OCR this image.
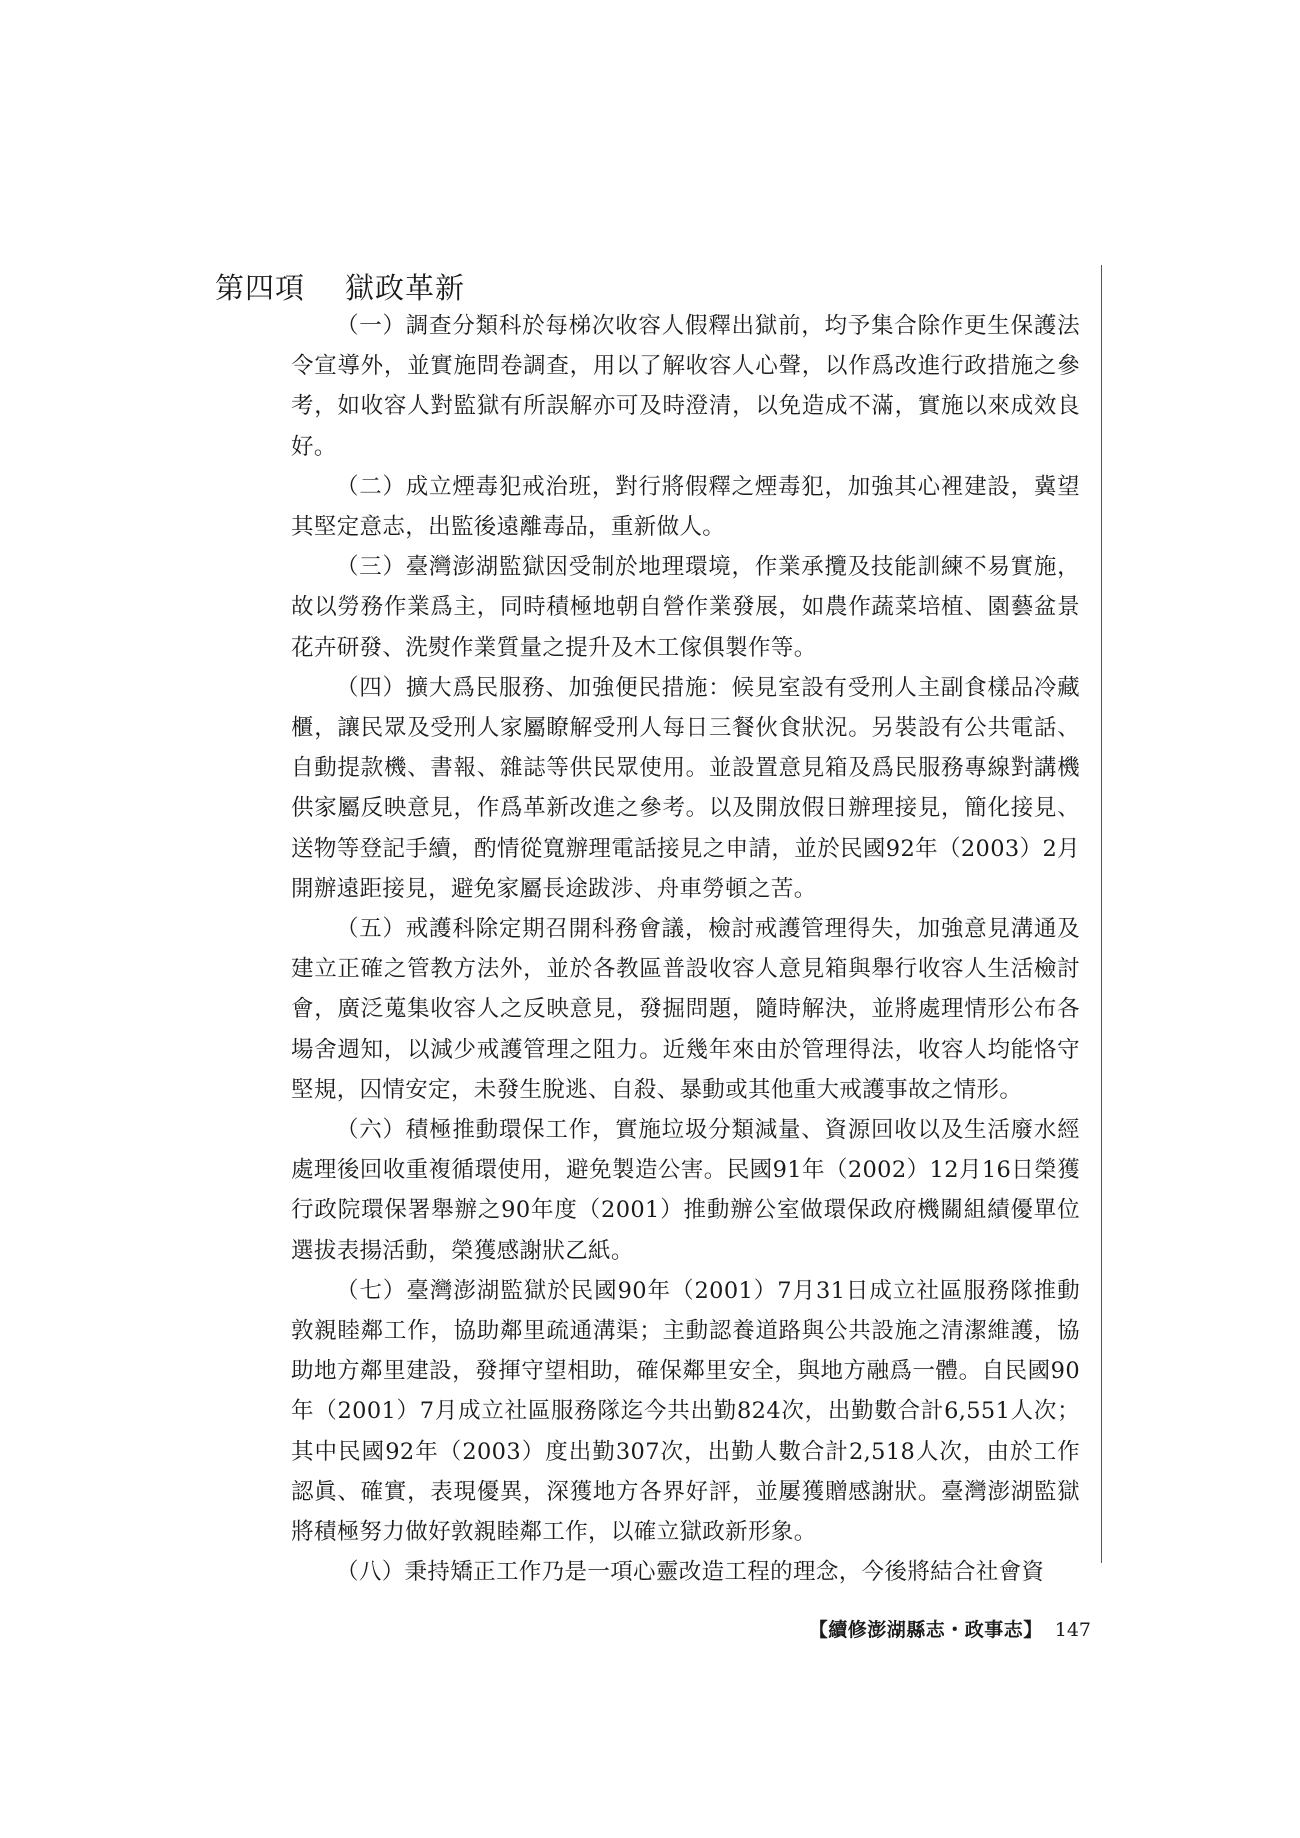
第四項 獄政革新

（一）調查分類科於每梯次收容人假釋出獄前，均予集合除作更生保護法令宣導外，並實施問卷調查，用以了解收容人心聲，以作爲改進行政措施之參考，如收容人對監獄有所誤解亦可及時澄清，以免造成不滿，實施以來成效良好。

（二）成立煙毒犯戒治班，對行將假釋之煙毒犯，加強其心裡建設，冀望其堅定意志，出監後遠離毒品，重新做人。

（三）臺灣澎湖監獄因受制於地理環境，作業承攬及技能訓練不易實施，故以勞務作業爲主，同時積極地朝自營作業發展，如農作蔬菜培植、園藝盆景花卉研發、洗熨作業質量之提升及木工傢俱製作等。

（四）擴大爲民服務、加強便民措施：候見室設有受刑人主副食樣品冷藏櫃，讓民眾及受刑人家屬瞭解受刑人每日三餐伙食狀況。另裝設有公共電話、自動提款機、書報、雜誌等供民眾使用。並設置意見箱及爲民服務專線對講機供家屬反映意見，作爲革新改進之參考。以及開放假日辦理接見，簡化接見、送物等登記手續，酌情從寬辦理電話接見之申請，並於民國92年（2003）2月開辦遠距接見，避免家屬長途跋涉、舟車勞頓之苦。

（五）戒護科除定期召開科務會議，檢討戒護管理得失，加強意見溝通及建立正確之管教方法外，並於各教區普設收容人意見箱與舉行收容人生活檢討會，廣泛蒐集收容人之反映意見，發掘問題，隨時解決，並將處理情形公布各場舍週知，以減少戒護管理之阻力。近幾年來由於管理得法，收容人均能恪守堅規，囚情安定，未發生脫逃、自殺、暴動或其他重大戒護事故之情形。

（六）積極推動環保工作，實施垃圾分類減量、資源回收以及生活廢水經處理後回收重複循環使用，避免製造公害。民國91年（2002）12月16日榮獲行政院環保署舉辦之90年度（2001）推動辦公室做環保政府機關組績優單位選拔表揚活動，榮獲感謝狀乙紙。

（七）臺灣澎湖監獄於民國90年（2001）7月31日成立社區服務隊推動敦親睦鄰工作，協助鄰里疏通溝渠；主動認養道路與公共設施之清潔維護，協助地方鄰里建設，發揮守望相助，確保鄰里安全，與地方融爲一體。自民國90年（2001）7月成立社區服務隊迄今共出勤824次，出勤數合計6,551人次；其中民國92年（2003）度出勤307次，出勤人數合計2,518人次，由於工作認眞、確實，表現優異，深獲地方各界好評，並屢獲贈感謝狀。臺灣澎湖監獄將積極努力做好敦親睦鄰工作，以確立獄政新形象。

（八）秉持矯正工作乃是一項心靈改造工程的理念，今後將結合社會資

【續修澎湖縣志・政事志】 147
